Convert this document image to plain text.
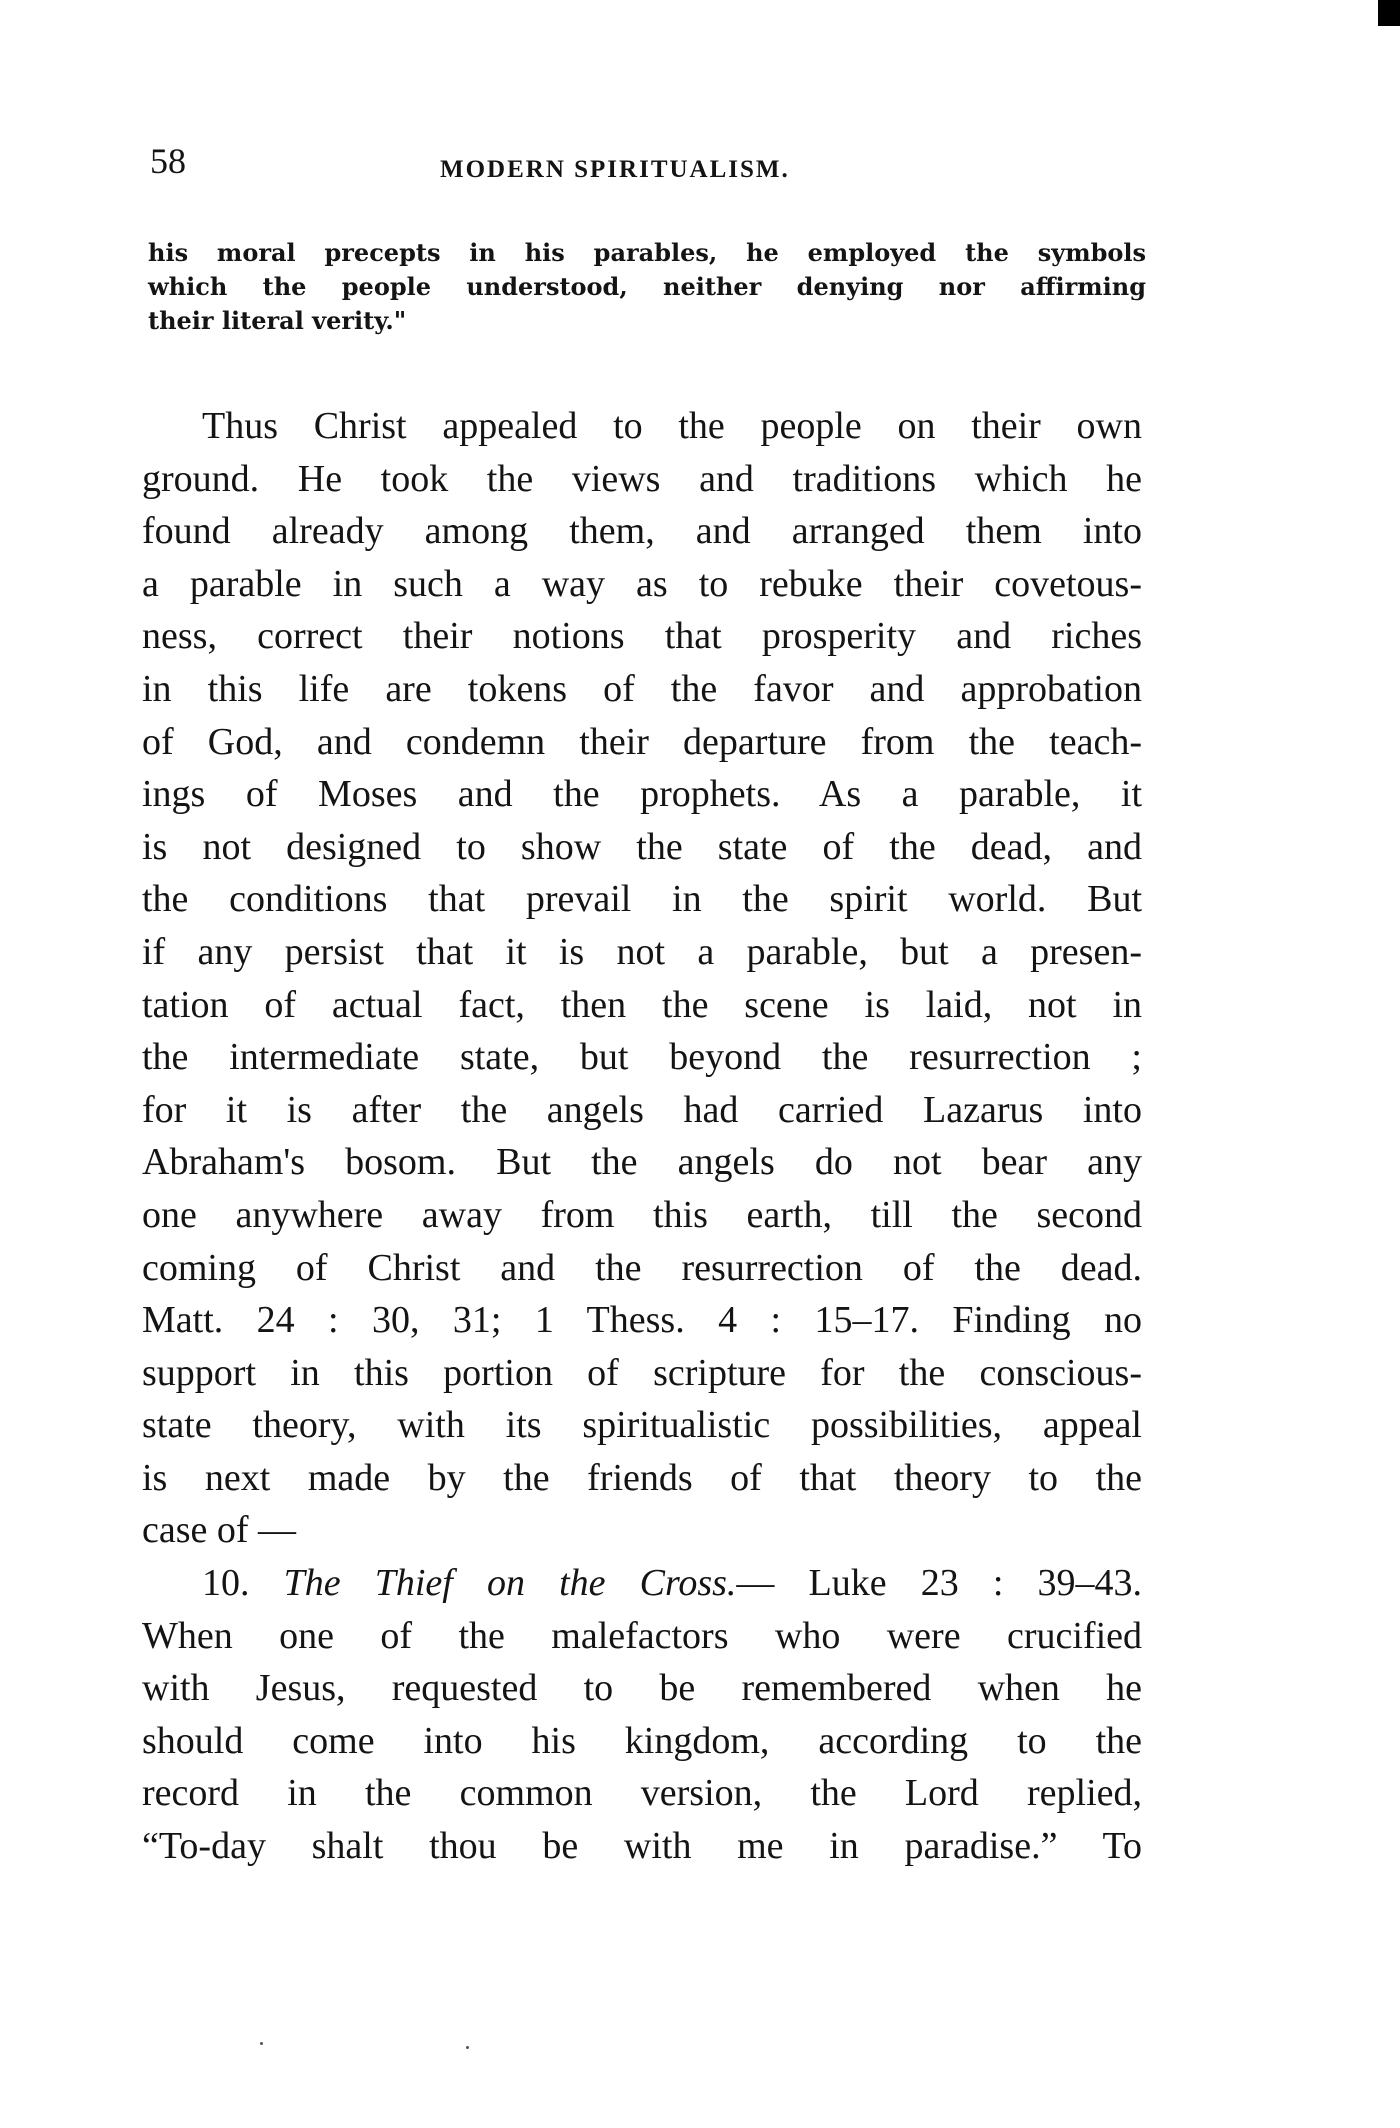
58	MODERN SPIRITUALISM.
his moral precepts in his parables, he employed the symbols
which the people understood, neither denying nor affirming
their literal verity."
Thus Christ appealed to the people on their own
ground. He took the views and traditions which he
found already among them, and arranged them into
a parable in such a way as to rebuke their covetous-
ness, correct their notions that prosperity and riches
in this life are tokens of the favor and approbation
of God, and condemn their departure from the teach-
ings of Moses and the prophets. As a parable, it
is not designed to show the state of the dead, and
the conditions that prevail in the spirit world. But
if any persist that it is not a parable, but a presen-
tation of actual fact, then the scene is laid, not in
the intermediate state, but beyond the resurrection ;
for it is after the angels had carried Lazarus into
Abraham's bosom. But the angels do not bear any
one anywhere away from this earth, till the second
coming of Christ and the resurrection of the dead.
Matt. 24 : 30, 31; 1 Thess. 4 : 15–17. Finding no
support in this portion of scripture for the conscious-
state theory, with its spiritualistic possibilities, appeal
is next made by the friends of that theory to the
case of —
10. The Thief on the Cross.— Luke 23 : 39–43.
When one of the malefactors who were crucified
with Jesus, requested to be remembered when he
should come into his kingdom, according to the
record in the common version, the Lord replied,
“To-day shalt thou be with me in paradise.” To
